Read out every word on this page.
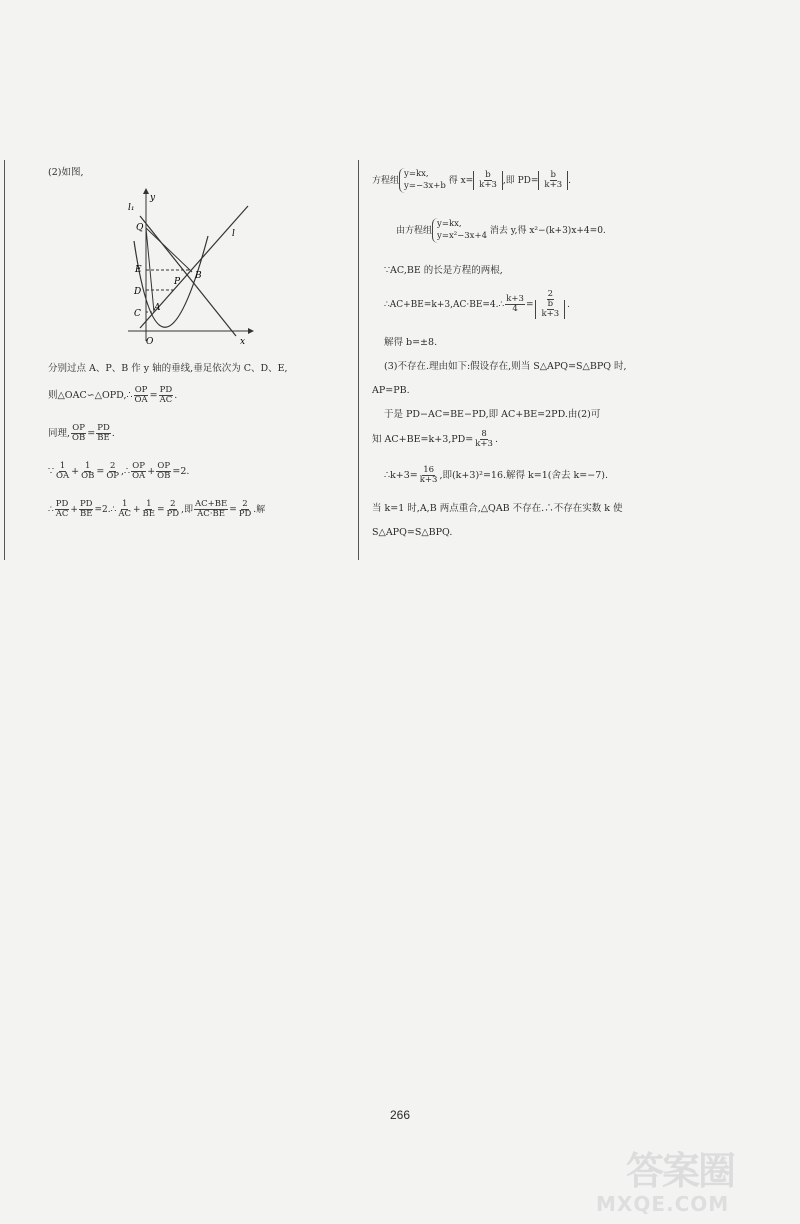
(2)如图,
l₁
y
Q
E
B
P
D
C
A
O	x
l
分别过点 A、P、B 作 y 轴的垂线,垂足依次为 C、D、E,
则△OAC∽△OPD,∴ $\frac{OP}{OA} = \frac{PD}{AC}$ .
同理, $\frac{OP}{OB} = \frac{PD}{BE}$ .
∵ $\frac{1}{OA} + \frac{1}{OB} = \frac{2}{OP}$ ,∴ $\frac{OP}{OA} + \frac{OP}{OB} =2$.
∴ $\frac{PD}{AC} + \frac{PD}{BE}$ =2.∴ $\frac{1}{AC} + \frac{1}{BE} = \frac{2}{PD}$ ,即 $\frac{AC+BE}{AC\cdot BE} = \frac{2}{PD}$ .解
方程组
y=kx,
y=−3x+b
得 $x= \frac{b}{k+3}$ ,即 $PD= \frac{b}{k+3}$ .
由方程组
y=kx,
y=x²−3x+4
消去 y,得 x²−(k+3)x+4=0.
∵AC,BE 的长是方程的两根,
∴AC+BE=k+3,AC·BE=4.∴ $\frac{k+3}{4} = \frac{2}{\frac{b}{k+3}}$ .
解得 b=±8.
(3)不存在.理由如下:假设存在,则当 S△APQ=S△BPQ 时,
AP=PB.
于是 PD−AC=BE−PD,即 AC+BE=2PD.由(2)可
知 $AC+BE=k+3,PD= \frac{8}{k+3}$ .
∴k+3= $\frac{16}{k+3}$ ,即(k+3)²=16.解得 k=1(舍去 k=−7).
当 k=1 时,A,B 两点重合,△QAB 不存在.∴不存在实数 k 使
S△APQ=S△BPQ.
266
答案圈
MXQE.COM
